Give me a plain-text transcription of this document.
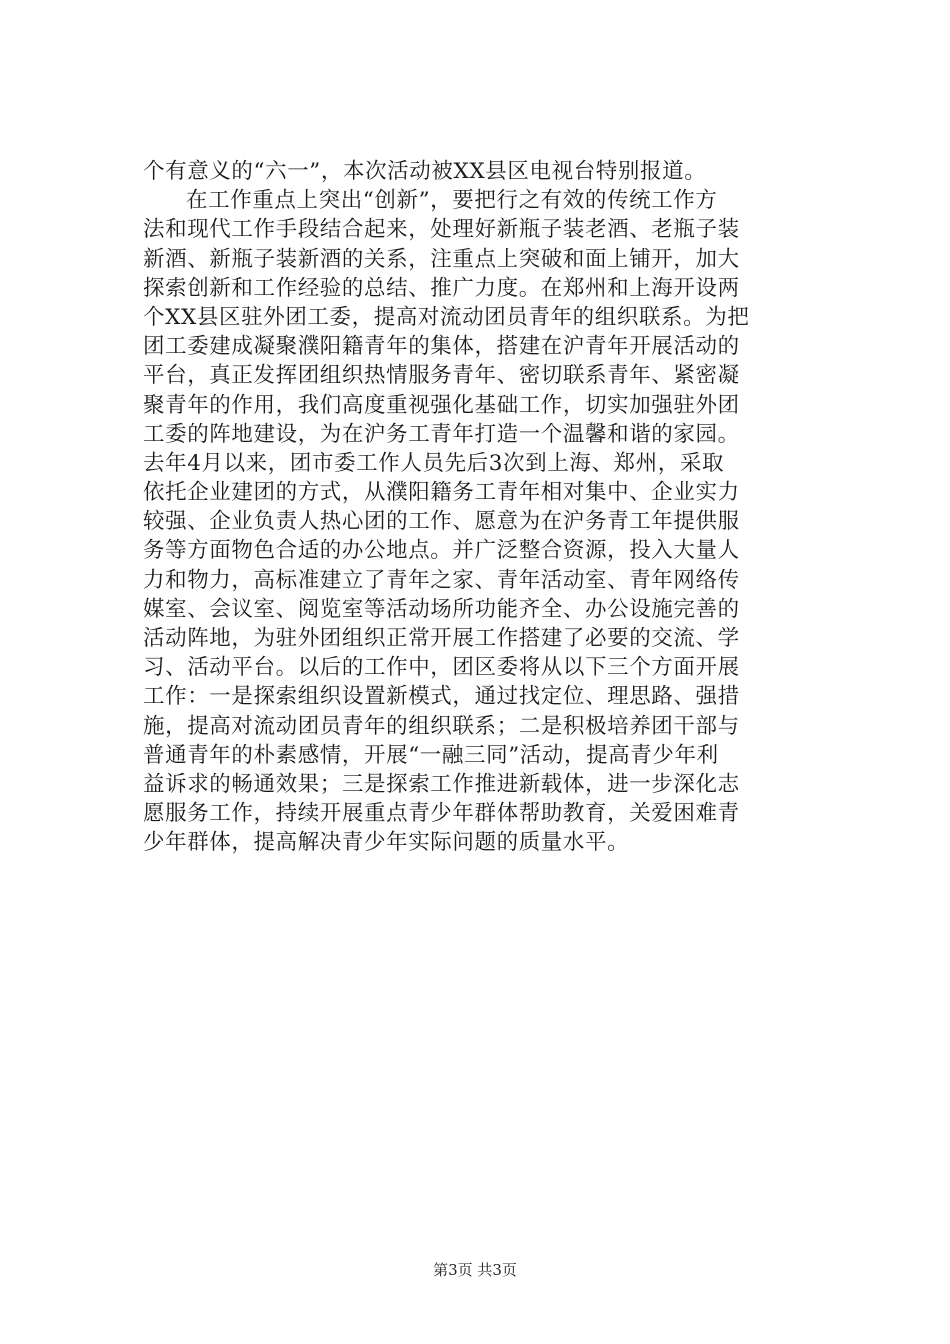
个有意义的“六一”，本次活动被XX县区电视台特别报道。
在工作重点上突出“创新”，要把行之有效的传统工作方
法和现代工作手段结合起来，处理好新瓶子装老酒、老瓶子装
新酒、新瓶子装新酒的关系，注重点上突破和面上铺开，加大
探索创新和工作经验的总结、推广力度。在郑州和上海开设两
个XX县区驻外团工委，提高对流动团员青年的组织联系。为把
团工委建成凝聚濮阳籍青年的集体，搭建在沪青年开展活动的
平台，真正发挥团组织热情服务青年、密切联系青年、紧密凝
聚青年的作用，我们高度重视强化基础工作，切实加强驻外团
工委的阵地建设，为在沪务工青年打造一个温馨和谐的家园。
去年4月以来，团市委工作人员先后3次到上海、郑州，采取
依托企业建团的方式，从濮阳籍务工青年相对集中、企业实力
较强、企业负责人热心团的工作、愿意为在沪务青工年提供服
务等方面物色合适的办公地点。并广泛整合资源，投入大量人
力和物力，高标准建立了青年之家、青年活动室、青年网络传
媒室、会议室、阅览室等活动场所功能齐全、办公设施完善的
活动阵地，为驻外团组织正常开展工作搭建了必要的交流、学
习、活动平台。以后的工作中，团区委将从以下三个方面开展
工作：一是探索组织设置新模式，通过找定位、理思路、强措
施，提高对流动团员青年的组织联系；二是积极培养团干部与
普通青年的朴素感情，开展“一融三同”活动，提高青少年利
益诉求的畅通效果；三是探索工作推进新载体，进一步深化志
愿服务工作，持续开展重点青少年群体帮助教育，关爱困难青
少年群体，提高解决青少年实际问题的质量水平。
第3页 共3页
